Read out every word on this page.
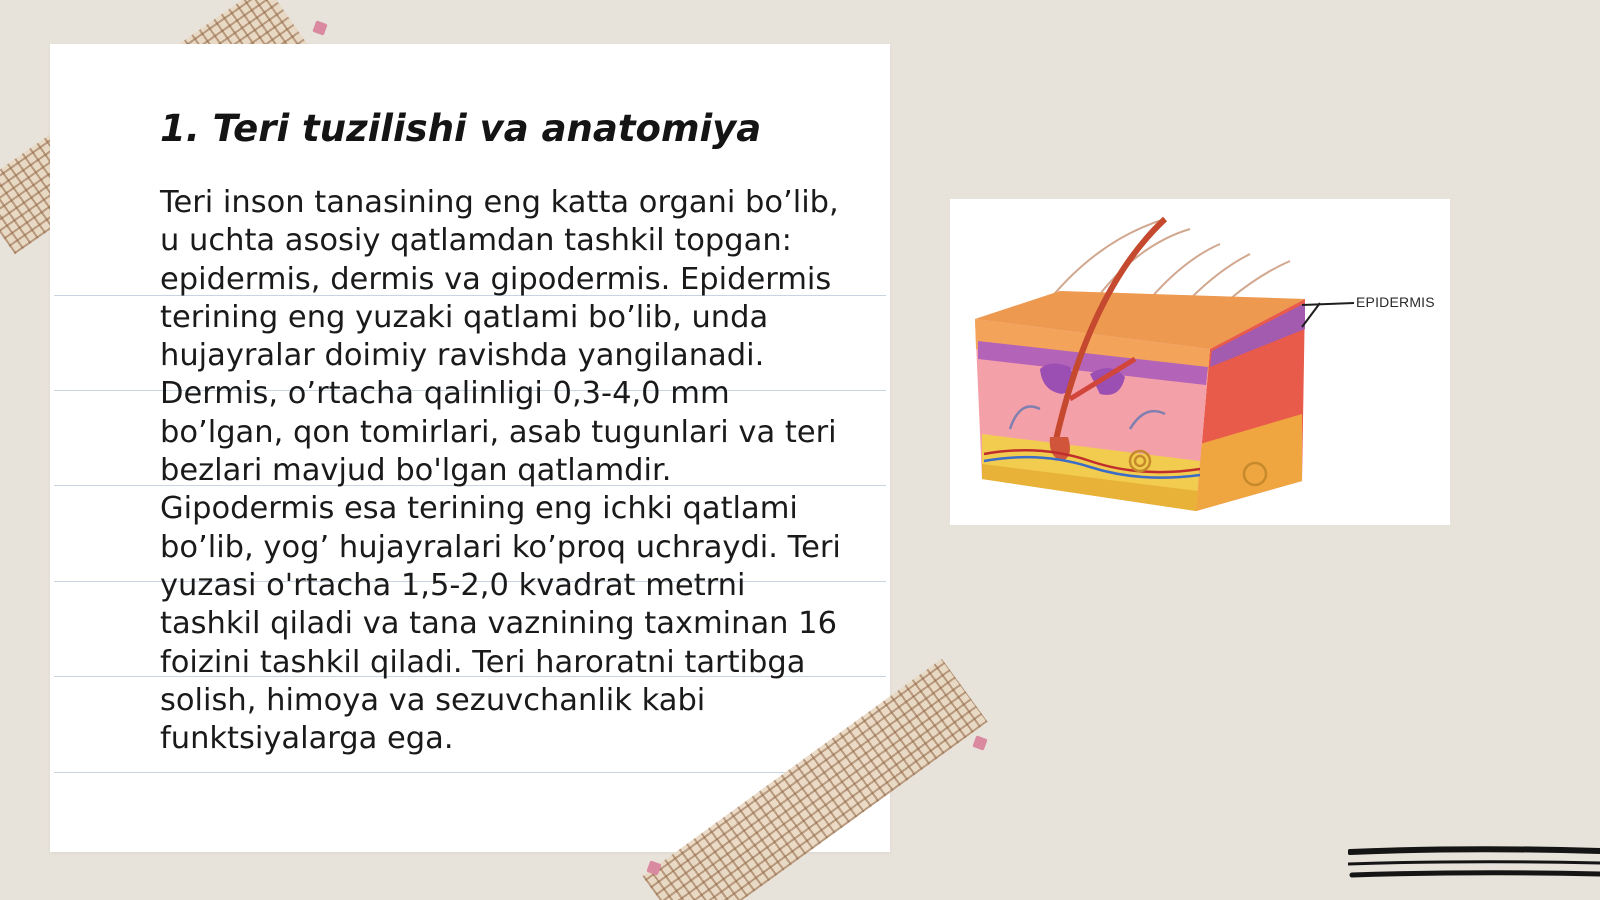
1. Teri tuzilishi va anatomiya

Teri inson tanasining eng katta organi bo’lib, u uchta asosiy qatlamdan tashkil topgan: epidermis, dermis va gipodermis. Epidermis terining eng yuzaki qatlami bo’lib, unda hujayralar doimiy ravishda yangilanadi. Dermis, o’rtacha qalinligi 0,3-4,0 mm bo’lgan, qon tomirlari, asab tugunlari va teri bezlari mavjud bo'lgan qatlamdir. Gipodermis esa terining eng ichki qatlami bo’lib, yog’ hujayralari ko’proq uchraydi. Teri yuzasi o'rtacha 1,5-2,0 kvadrat metrni tashkil qiladi va tana vaznining taxminan 16 foizini tashkil qiladi. Teri haroratni tartibga solish, himoya va sezuvchanlik kabi funktsiyalarga ega.

EPIDERMIS
